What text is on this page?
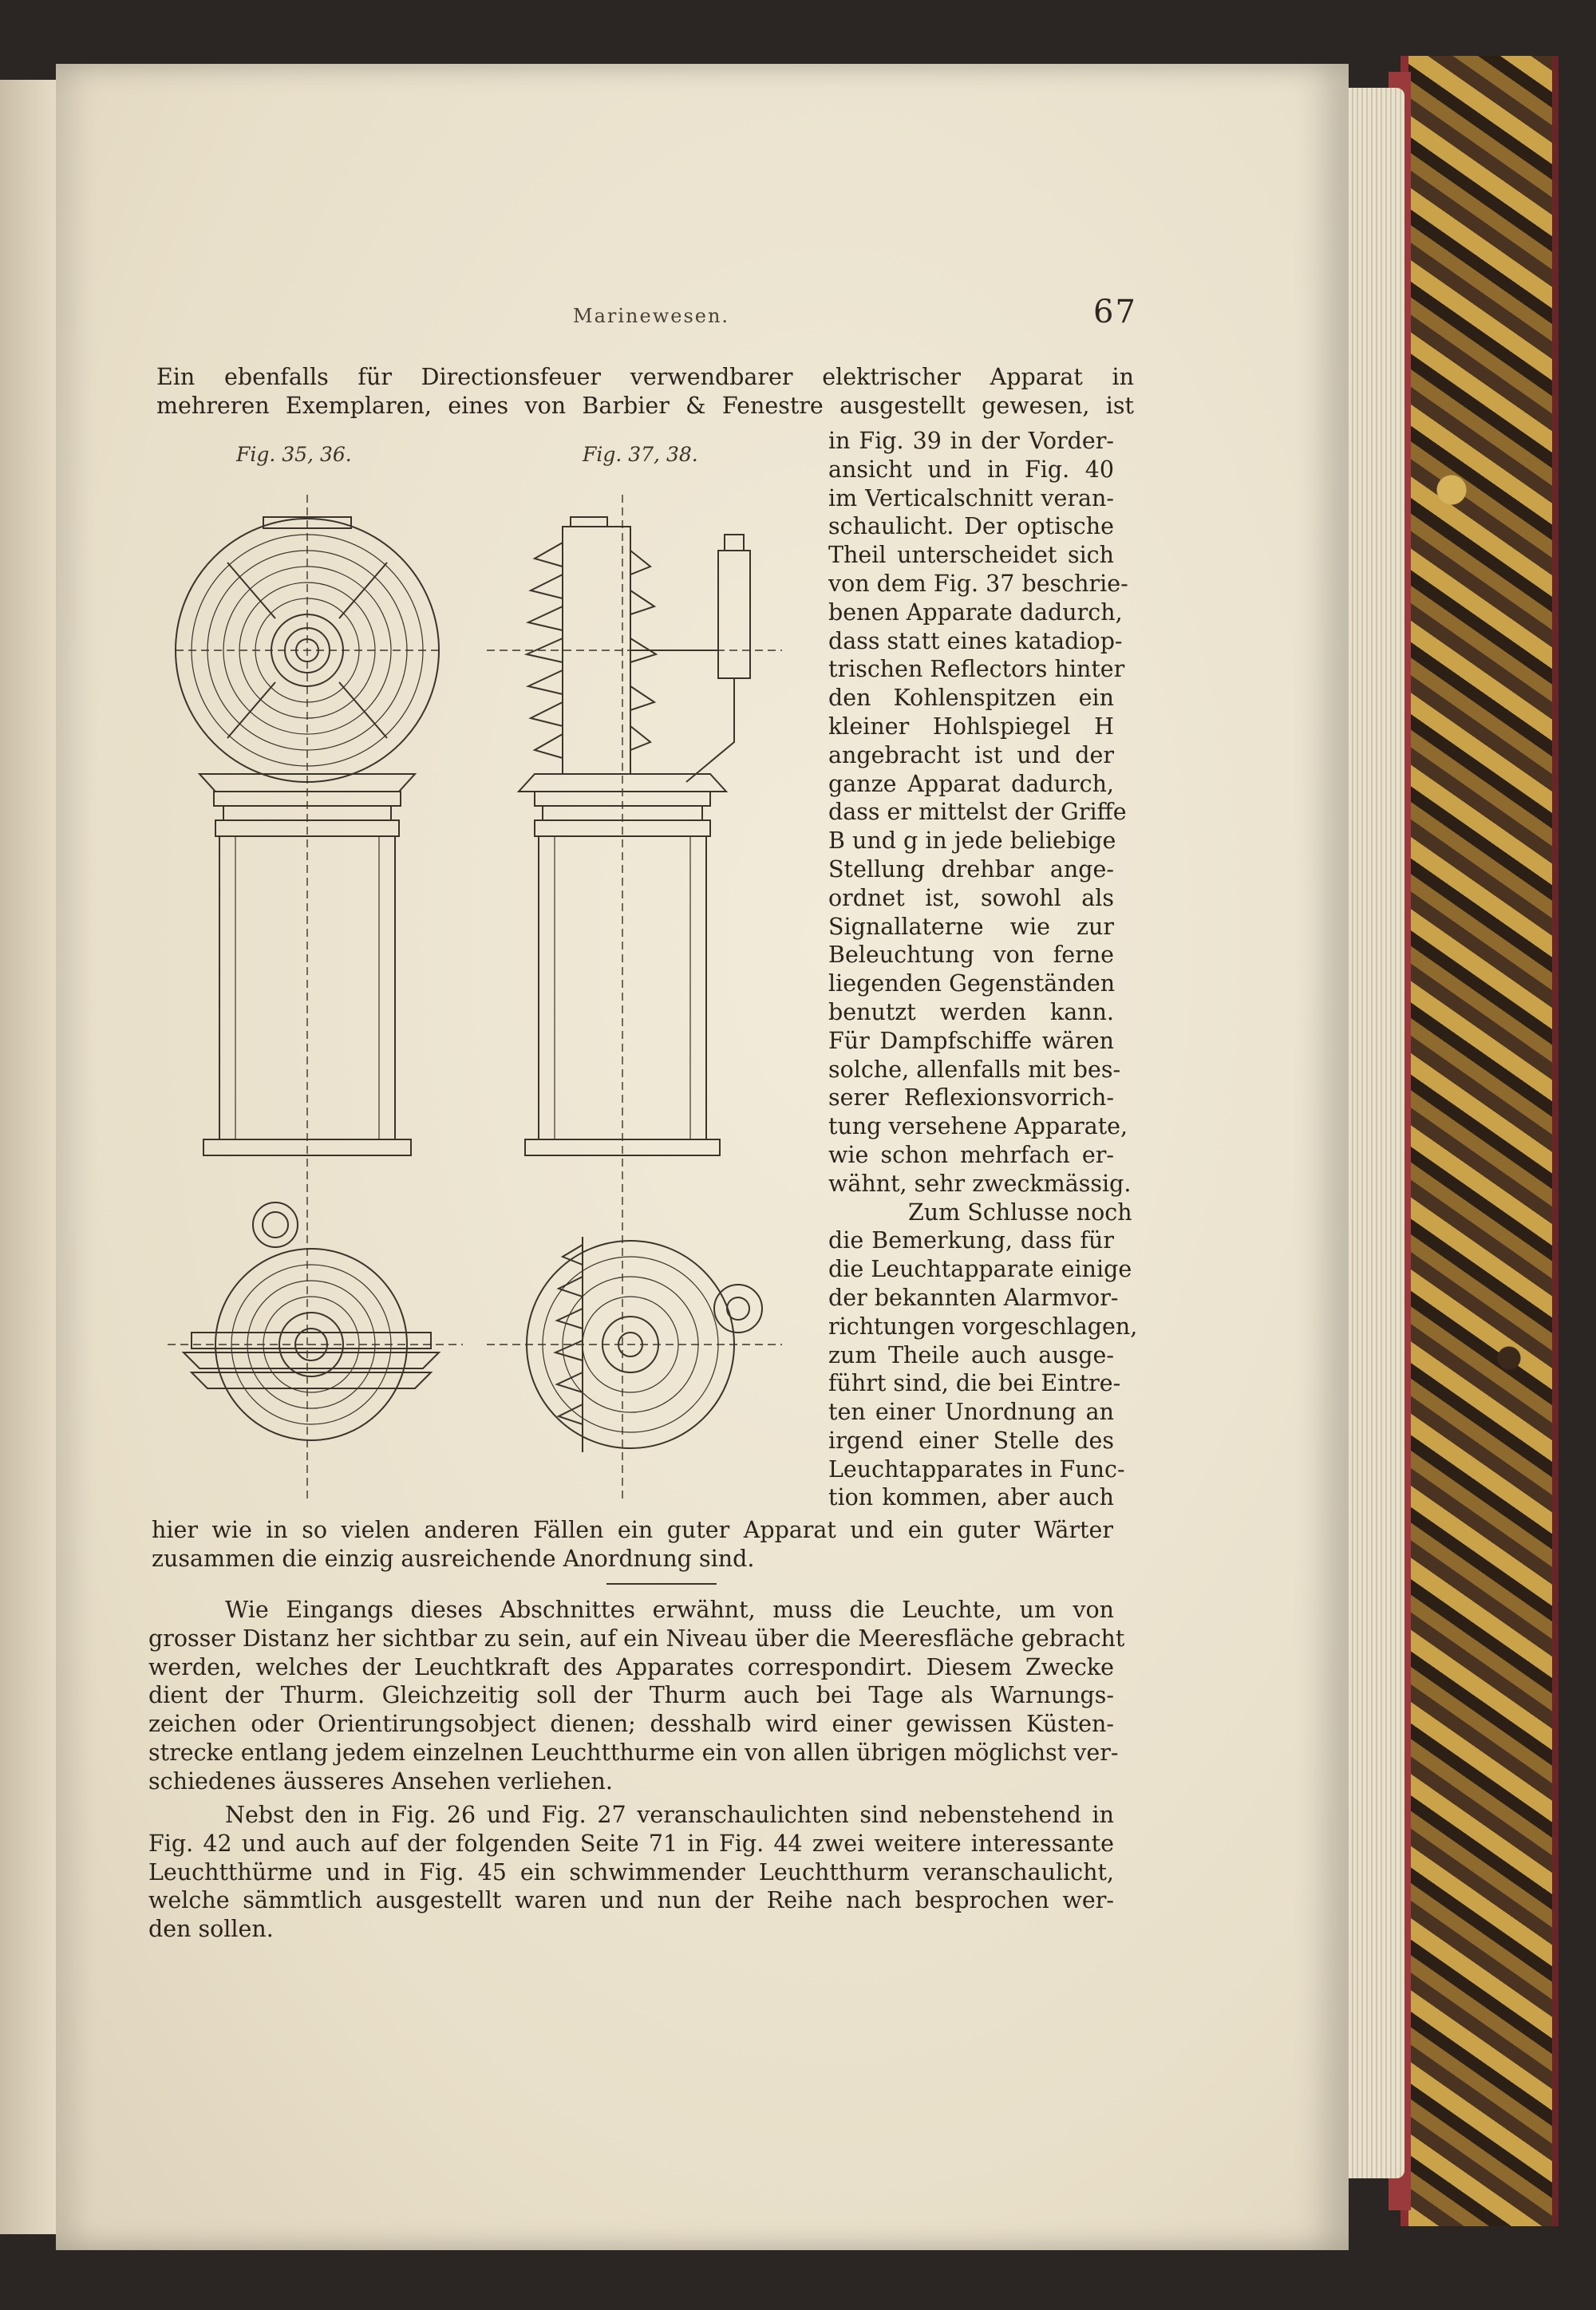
Marinewesen.	67
Ein ebenfalls für Directionsfeuer verwendbarer elektrischer Apparat in
mehreren Exemplaren, eines von Barbier & Fenestre ausgestellt gewesen, ist
Fig. 35, 36.	Fig. 37, 38.
in Fig. 39 in der Vorder-
ansicht und in Fig. 40
im Verticalschnitt veran-
schaulicht. Der optische
Theil unterscheidet sich
von dem Fig. 37 beschrie-
benen Apparate dadurch,
dass statt eines katadiop-
trischen Reflectors hinter
den Kohlenspitzen ein
kleiner Hohlspiegel H
angebracht ist und der
ganze Apparat dadurch,
dass er mittelst der Griffe
B und g in jede beliebige
Stellung drehbar ange-
ordnet ist, sowohl als
Signallaterne wie zur
Beleuchtung von ferne
liegenden Gegenständen
benutzt werden kann.
Für Dampfschiffe wären
solche, allenfalls mit bes-
serer Reflexionsvorrich-
tung versehene Apparate,
wie schon mehrfach er-
wähnt, sehr zweckmässig.
Zum Schlusse noch
die Bemerkung, dass für
die Leuchtapparate einige
der bekannten Alarmvor-
richtungen vorgeschlagen,
zum Theile auch ausge-
führt sind, die bei Eintre-
ten einer Unordnung an
irgend einer Stelle des
Leuchtapparates in Func-
tion kommen, aber auch
hier wie in so vielen anderen Fällen ein guter Apparat und ein guter Wärter
zusammen die einzig ausreichende Anordnung sind.
Wie Eingangs dieses Abschnittes erwähnt, muss die Leuchte, um von
grosser Distanz her sichtbar zu sein, auf ein Niveau über die Meeresfläche gebracht
werden, welches der Leuchtkraft des Apparates correspondirt. Diesem Zwecke
dient der Thurm. Gleichzeitig soll der Thurm auch bei Tage als Warnungs-
zeichen oder Orientirungsobject dienen; desshalb wird einer gewissen Küsten-
strecke entlang jedem einzelnen Leuchtthurme ein von allen übrigen möglichst ver-
schiedenes äusseres Ansehen verliehen.
Nebst den in Fig. 26 und Fig. 27 veranschaulichten sind nebenstehend in
Fig. 42 und auch auf der folgenden Seite 71 in Fig. 44 zwei weitere interessante
Leuchtthürme und in Fig. 45 ein schwimmender Leuchtthurm veranschaulicht,
welche sämmtlich ausgestellt waren und nun der Reihe nach besprochen wer-
den sollen.
